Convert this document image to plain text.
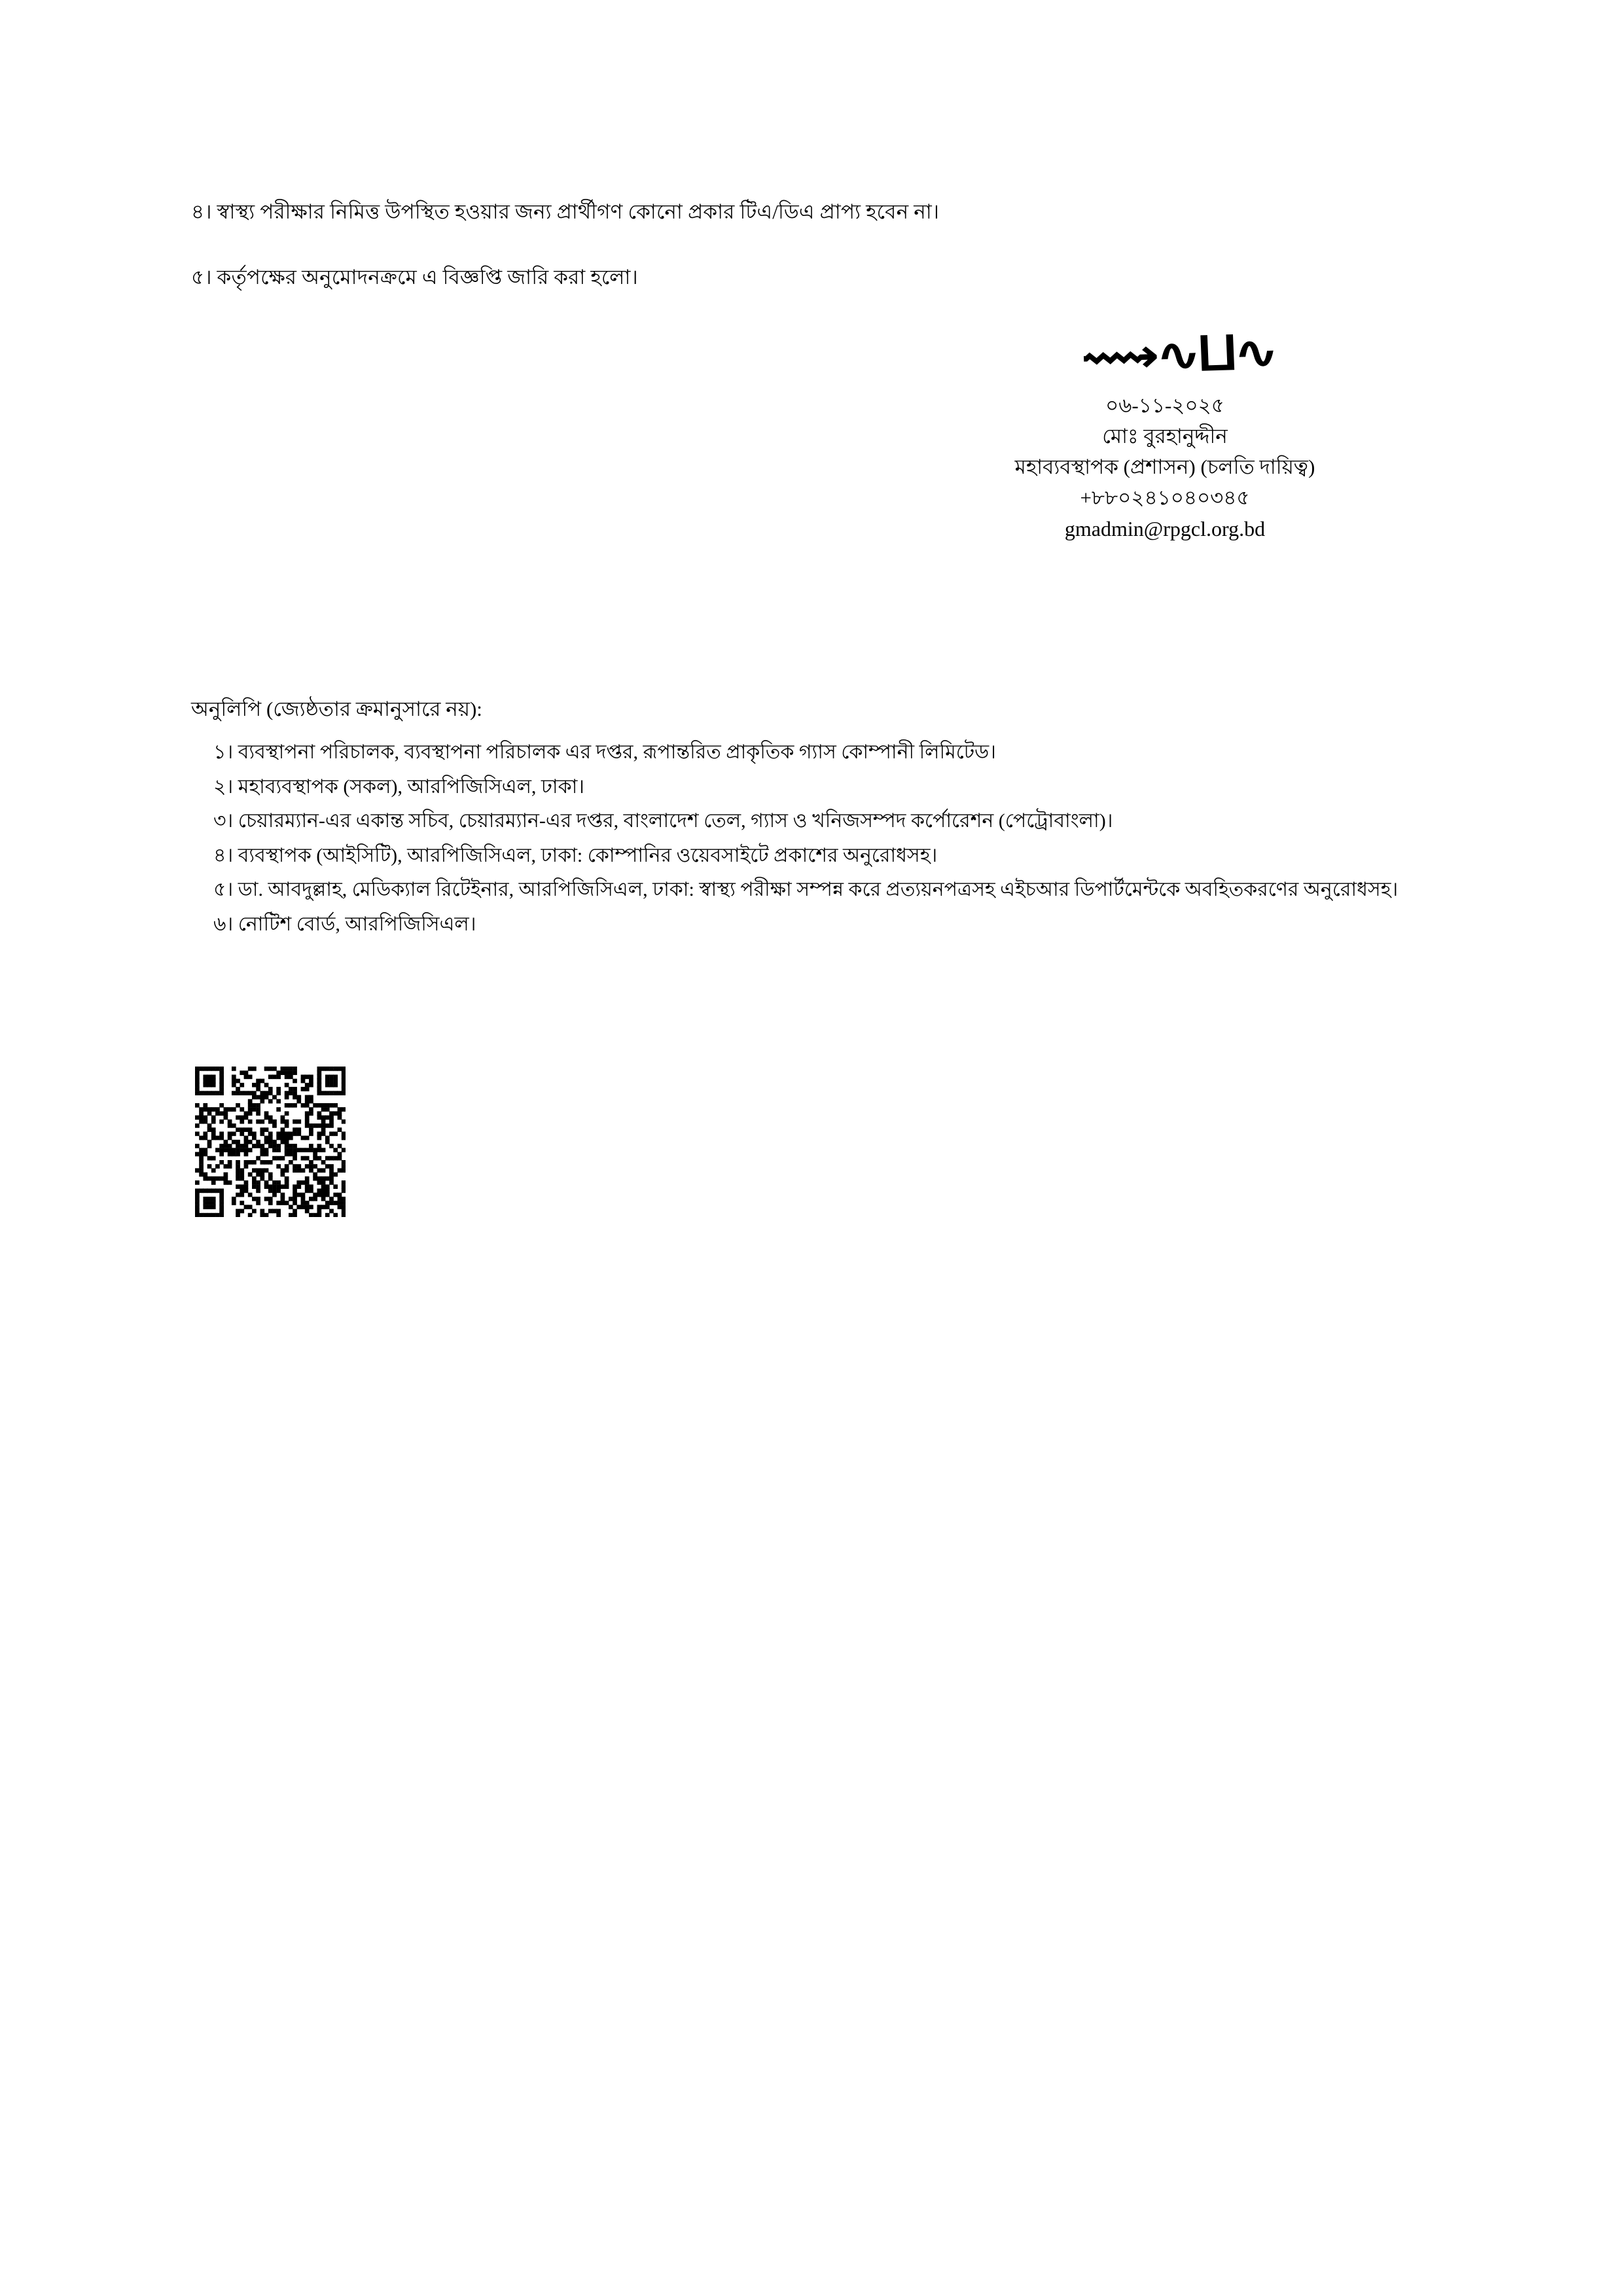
৪। স্বাস্থ্য পরীক্ষার নিমিত্ত উপস্থিত হওয়ার জন্য প্রার্থীগণ কোনো প্রকার টিএ/ডিএ প্রাপ্য হবেন না।
৫। কর্তৃপক্ষের অনুমোদনক্রমে এ বিজ্ঞপ্তি জারি করা হলো।
⟿∿⨿∿
০৬-১১-২০২৫
মোঃ বুরহানুদ্দীন
মহাব্যবস্থাপক (প্রশাসন) (চলতি দায়িত্ব)
+৮৮০২৪১০৪০৩৪৫
gmadmin@rpgcl.org.bd
অনুলিপি (জ্যেষ্ঠতার ক্রমানুসারে নয়):
১। ব্যবস্থাপনা পরিচালক, ব্যবস্থাপনা পরিচালক এর দপ্তর, রূপান্তরিত প্রাকৃতিক গ্যাস কোম্পানী লিমিটেড।
২। মহাব্যবস্থাপক (সকল), আরপিজিসিএল, ঢাকা।
৩। চেয়ারম্যান-এর একান্ত সচিব, চেয়ারম্যান-এর দপ্তর, বাংলাদেশ তেল, গ্যাস ও খনিজসম্পদ কর্পোরেশন (পেট্রোবাংলা)।
৪। ব্যবস্থাপক (আইসিটি), আরপিজিসিএল, ঢাকা: কোম্পানির ওয়েবসাইটে প্রকাশের অনুরোধসহ।
৫। ডা. আবদুল্লাহ, মেডিক্যাল রিটেইনার, আরপিজিসিএল, ঢাকা: স্বাস্থ্য পরীক্ষা সম্পন্ন করে প্রত্যয়নপত্রসহ এইচআর ডিপার্টমেন্টকে অবহিতকরণের অনুরোধসহ।
৬। নোটিশ বোর্ড, আরপিজিসিএল।
